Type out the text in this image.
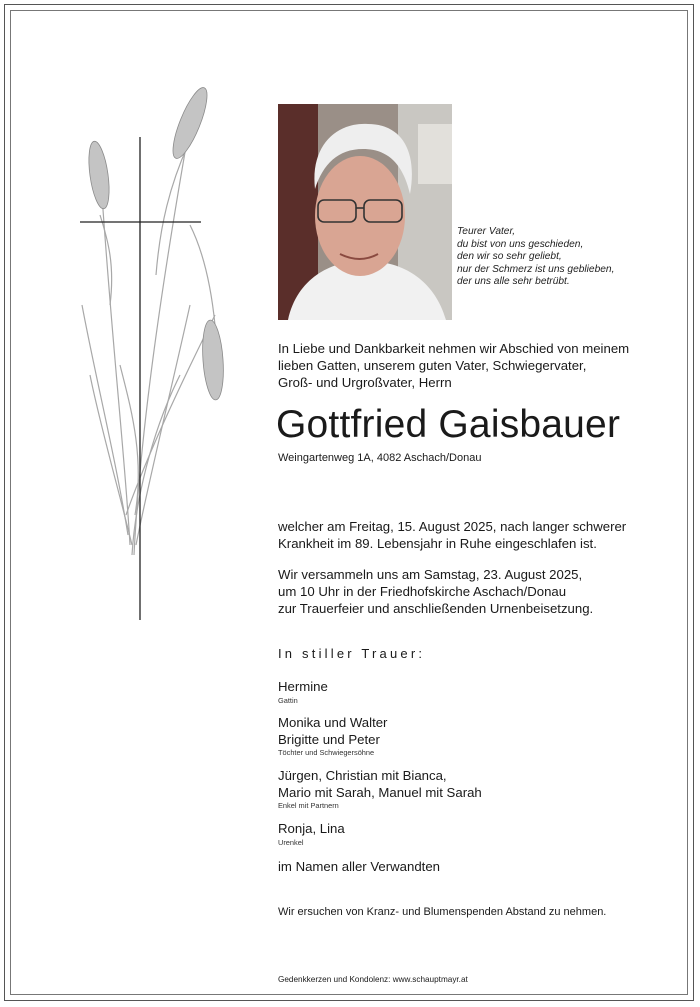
Teurer Vater,
du bist von uns geschieden,
den wir so sehr geliebt,
nur der Schmerz ist uns geblieben,
der uns alle sehr betrübt.
In Liebe und Dankbarkeit nehmen wir Abschied von meinem
lieben Gatten, unserem guten Vater, Schwiegervater,
Groß- und Urgroßvater, Herrn
Gottfried Gaisbauer
Weingartenweg 1A, 4082 Aschach/Donau
welcher am Freitag, 15. August 2025, nach langer schwerer
Krankheit im 89. Lebensjahr in Ruhe eingeschlafen ist.
Wir versammeln uns am Samstag, 23. August 2025,
um 10 Uhr in der Friedhofskirche Aschach/Donau
zur Trauerfeier und anschließenden Urnenbeisetzung.
In stiller Trauer:
Hermine
Gattin
Monika und Walter
Brigitte und Peter
Töchter und Schwiegersöhne
Jürgen, Christian mit Bianca,
Mario mit Sarah, Manuel mit Sarah
Enkel mit Partnern
Ronja, Lina
Urenkel
im Namen aller Verwandten
Wir ersuchen von Kranz- und Blumenspenden Abstand zu nehmen.
Gedenkkerzen und Kondolenz: www.schauptmayr.at
